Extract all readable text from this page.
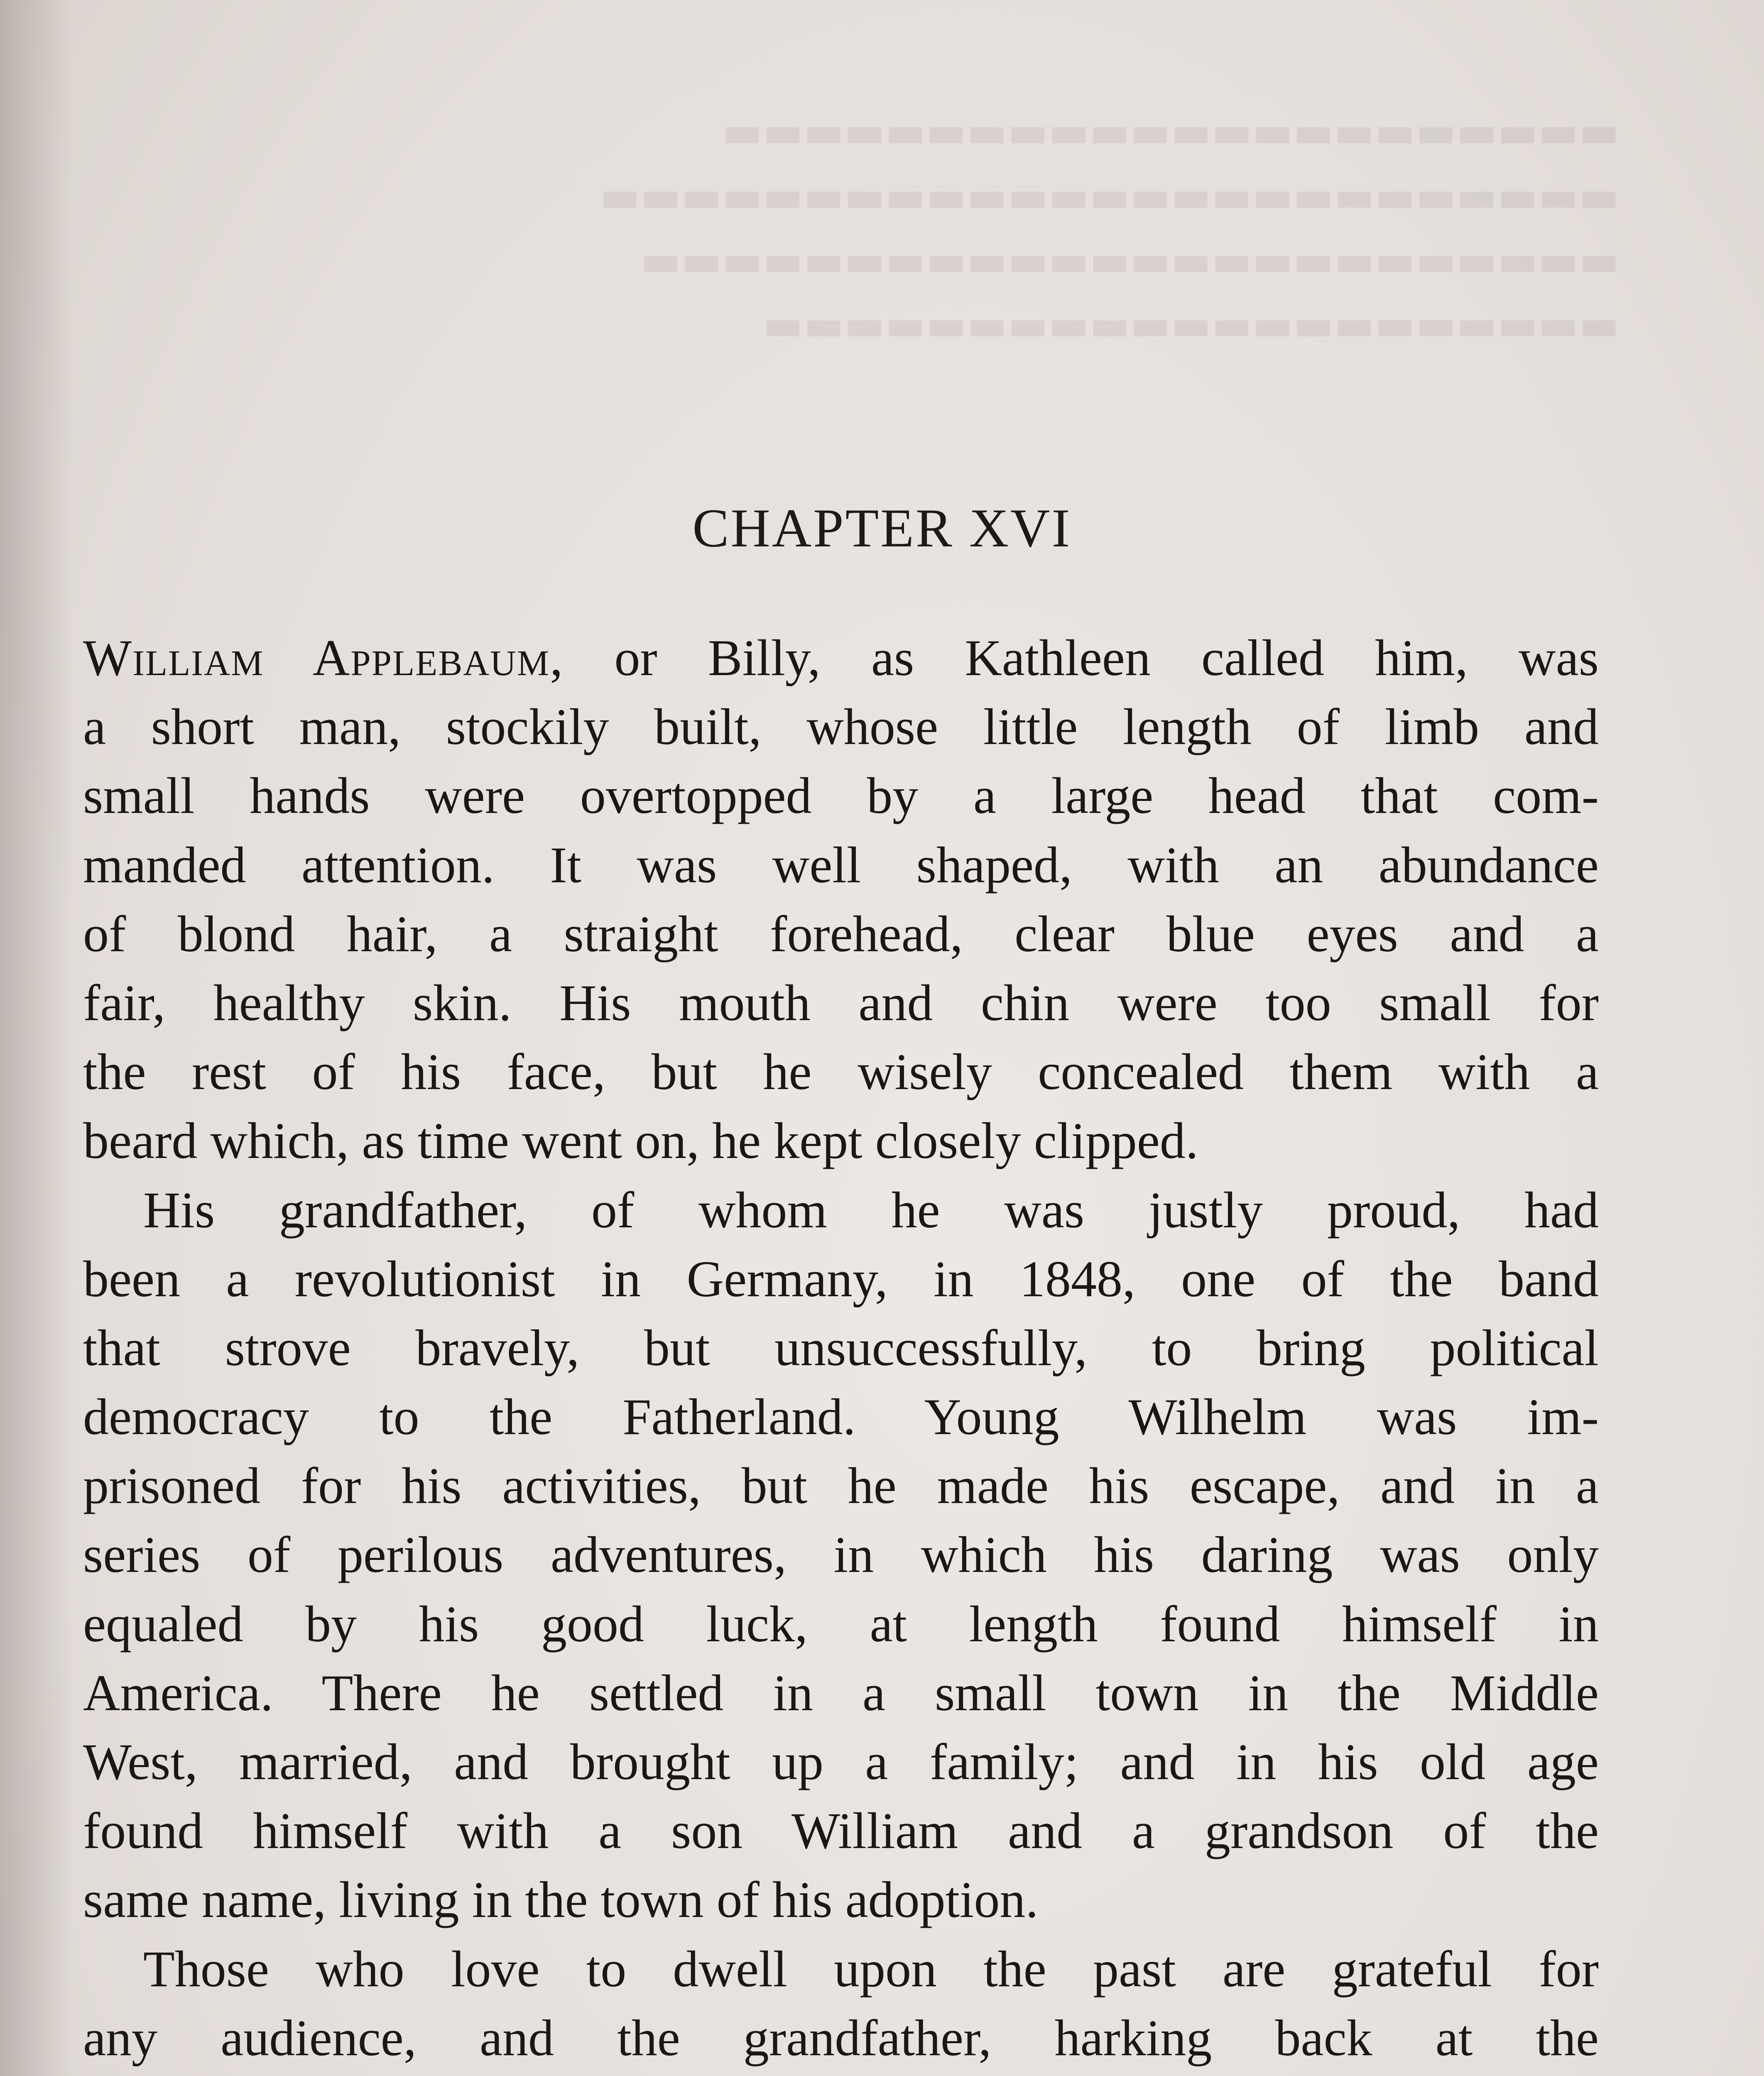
▬▬▬▬▬▬▬▬▬▬▬▬▬▬▬▬▬▬▬▬▬▬
▬▬▬▬▬▬▬▬▬▬▬▬▬▬▬▬▬▬▬▬▬▬▬▬▬
▬▬▬▬▬▬▬▬▬▬▬▬▬▬▬▬▬▬▬▬▬▬▬▬
▬▬▬▬▬▬▬▬▬▬▬▬▬▬▬▬▬▬▬▬▬
CHAPTER XVI
William Applebaum, or Billy, as Kathleen called him, was
a short man, stockily built, whose little length of limb and
small hands were overtopped by a large head that com-
manded attention. It was well shaped, with an abundance
of blond hair, a straight forehead, clear blue eyes and a
fair, healthy skin. His mouth and chin were too small for
the rest of his face, but he wisely concealed them with a
beard which, as time went on, he kept closely clipped.
His grandfather, of whom he was justly proud, had
been a revolutionist in Germany, in 1848, one of the band
that strove bravely, but unsuccessfully, to bring political
democracy to the Fatherland. Young Wilhelm was im-
prisoned for his activities, but he made his escape, and in a
series of perilous adventures, in which his daring was only
equaled by his good luck, at length found himself in
America. There he settled in a small town in the Middle
West, married, and brought up a family; and in his old age
found himself with a son William and a grandson of the
same name, living in the town of his adoption.
Those who love to dwell upon the past are grateful for
any audience, and the grandfather, harking back at the
